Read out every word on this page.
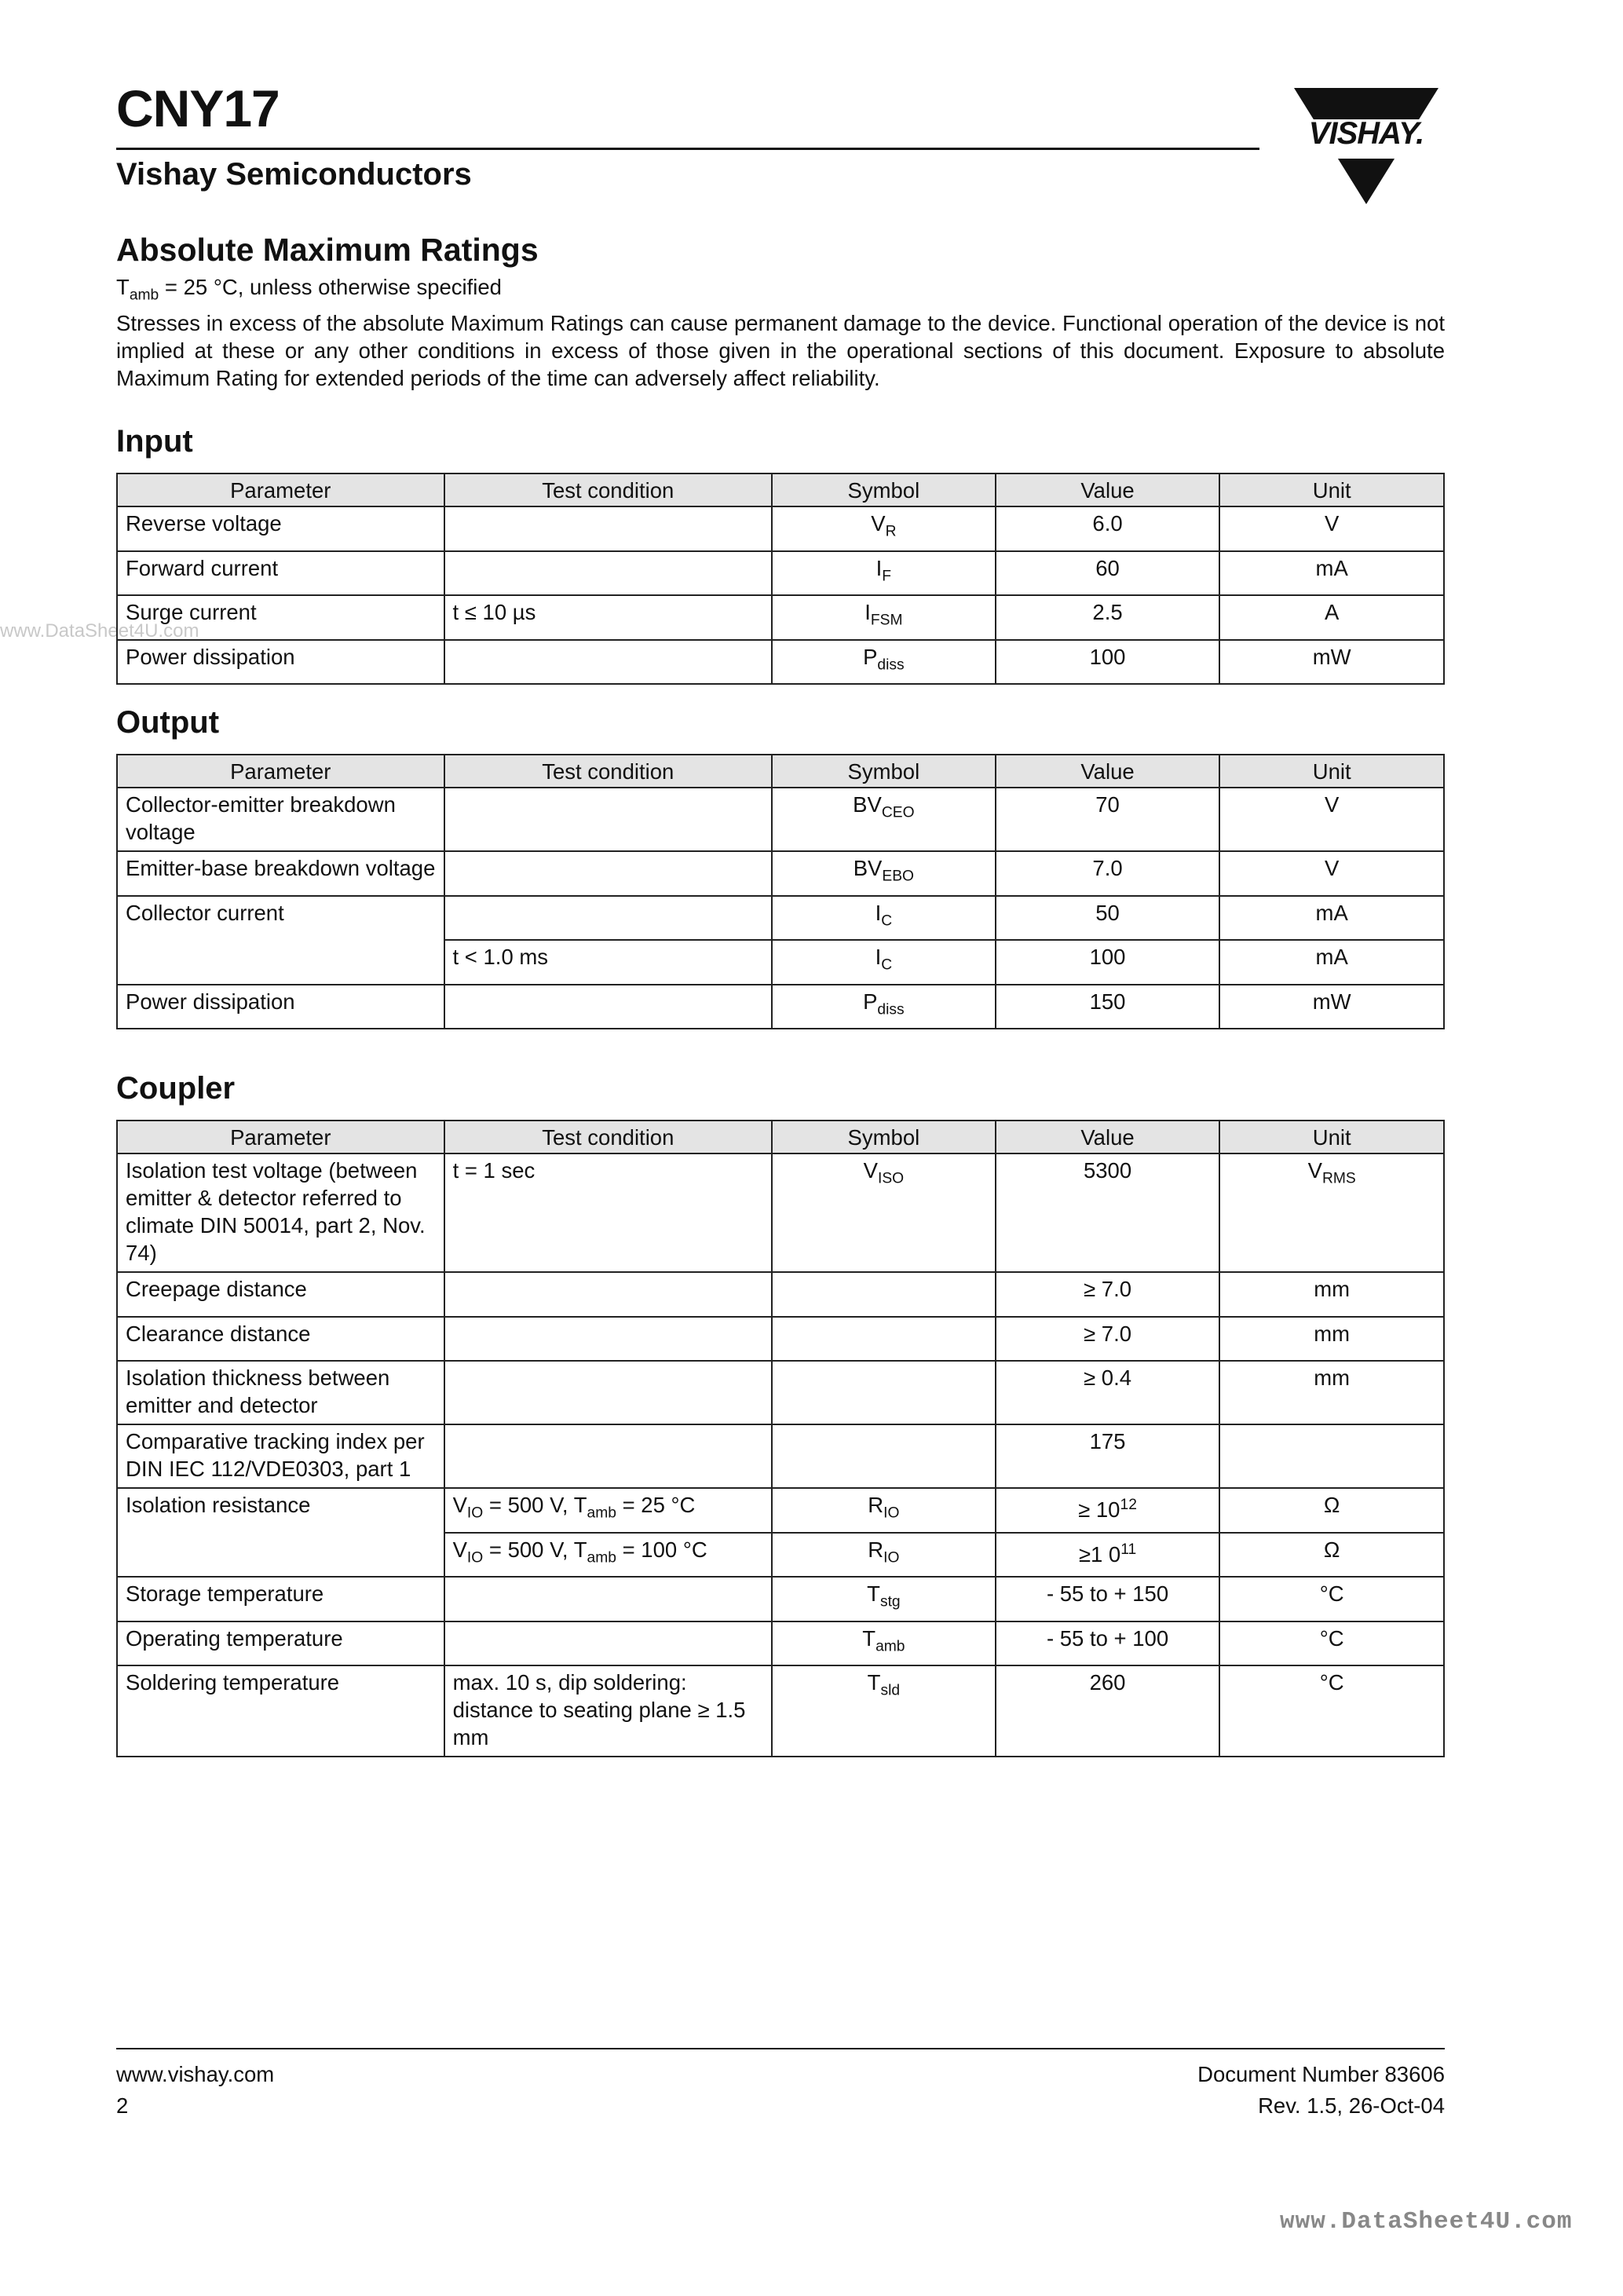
CNY17
Vishay Semiconductors
VISHAY.
Absolute Maximum Ratings

$T_{amb} = 25$ °C, unless otherwise specified

Stresses in excess of the absolute Maximum Ratings can cause permanent damage to the device. Functional operation of the device is not implied at these or any other conditions in excess of those given in the operational sections of this document. Exposure to absolute Maximum Rating for extended periods of the time can adversely affect reliability.

www.DataSheet4U.com
Input
Parameter	Test condition	Symbol	Value	Unit
Reverse voltage		$V_R$	6.0	V
Forward current		$I_F$	60	mA
Surge current	t ≤ 10 µs	$I_{FSM}$	2.5	A
Power dissipation		$P_{diss}$	100	mW
Output
Parameter	Test condition	Symbol	Value	Unit
Collector-emitter breakdown voltage		$BV_{CEO}$	70	V
Emitter-base breakdown voltage		$BV_{EBO}$	7.0	V
Collector current		$I_C$	50	mA
	t < 1.0 ms	$I_C$	100	mA
Power dissipation		$P_{diss}$	150	mW
Coupler
Parameter	Test condition	Symbol	Value	Unit
Isolation test voltage (between emitter & detector referred to climate DIN 50014, part 2, Nov. 74)	t = 1 sec	$V_{ISO}$	5300	$V_{RMS}$
Creepage distance			≥ 7.0	mm
Clearance distance			≥ 7.0	mm
Isolation thickness between emitter and detector			≥ 0.4	mm
Comparative tracking index per DIN IEC 112/VDE0303, part 1			175	
Isolation resistance	$V_{IO} = 500$ V, $T_{amb} = 25$ °C	$R_{IO}$	≥ $10^{12}$	Ω
	$V_{IO} = 500$ V, $T_{amb} = 100$ °C	$R_{IO}$	≥1 $0^{11}$	Ω
Storage temperature		$T_{stg}$	- 55 to + 150	°C
Operating temperature		$T_{amb}$	- 55 to + 100	°C
Soldering temperature	max. 10 s, dip soldering: distance to seating plane ≥ 1.5 mm	$T_{sld}$	260	°C
www.vishay.com
2
Document Number 83606
Rev. 1.5, 26-Oct-04
www.DataSheet4U.com
